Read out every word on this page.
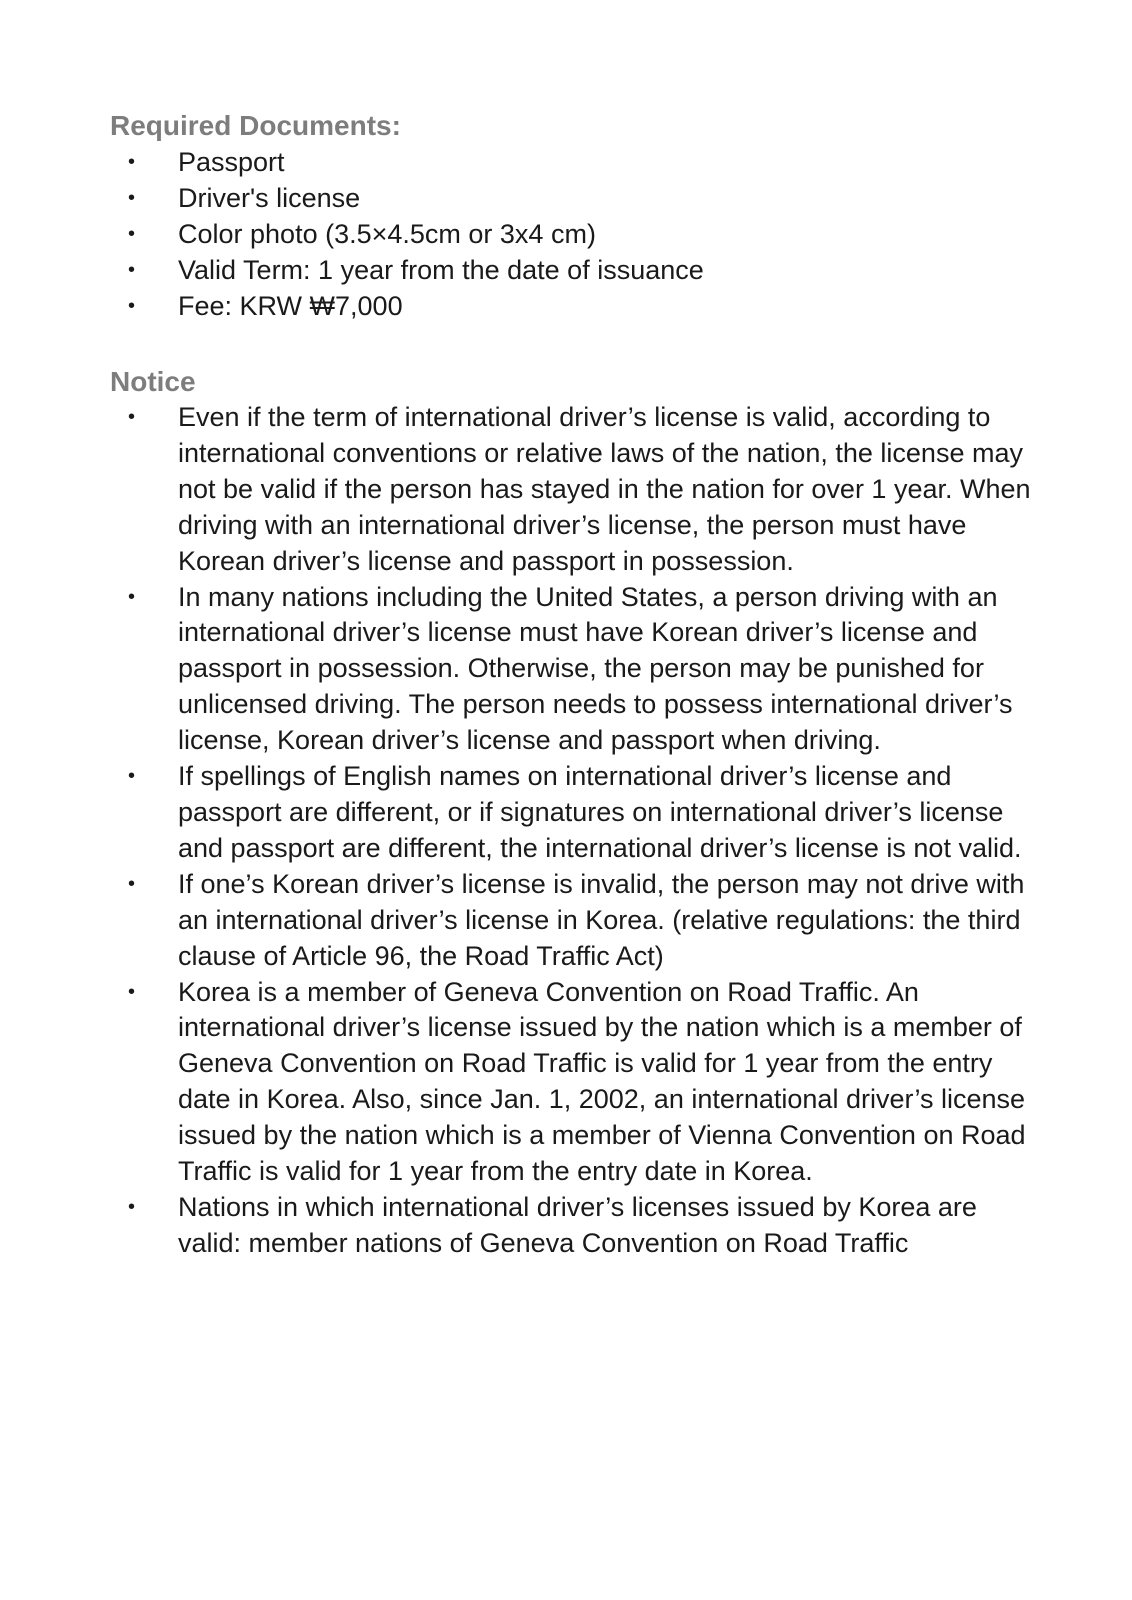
Required Documents:
• Passport
• Driver's license
• Color photo (3.5×4.5cm or 3x4 cm)
• Valid Term: 1 year from the date of issuance
• Fee: KRW ₩7,000
Notice
• Even if the term of international driver’s license is valid, according to international conventions or relative laws of the nation, the license may not be valid if the person has stayed in the nation for over 1 year. When driving with an international driver’s license, the person must have Korean driver’s license and passport in possession.
• In many nations including the United States, a person driving with an international driver’s license must have Korean driver’s license and passport in possession. Otherwise, the person may be punished for unlicensed driving. The person needs to possess international driver’s license, Korean driver’s license and passport when driving.
• If spellings of English names on international driver’s license and passport are different, or if signatures on international driver’s license and passport are different, the international driver’s license is not valid.
• If one’s Korean driver’s license is invalid, the person may not drive with an international driver’s license in Korea. (relative regulations: the third clause of Article 96, the Road Traffic Act)
• Korea is a member of Geneva Convention on Road Traffic. An international driver’s license issued by the nation which is a member of Geneva Convention on Road Traffic is valid for 1 year from the entry date in Korea. Also, since Jan. 1, 2002, an international driver’s license issued by the nation which is a member of Vienna Convention on Road Traffic is valid for 1 year from the entry date in Korea.
• Nations in which international driver’s licenses issued by Korea are valid: member nations of Geneva Convention on Road Traffic
